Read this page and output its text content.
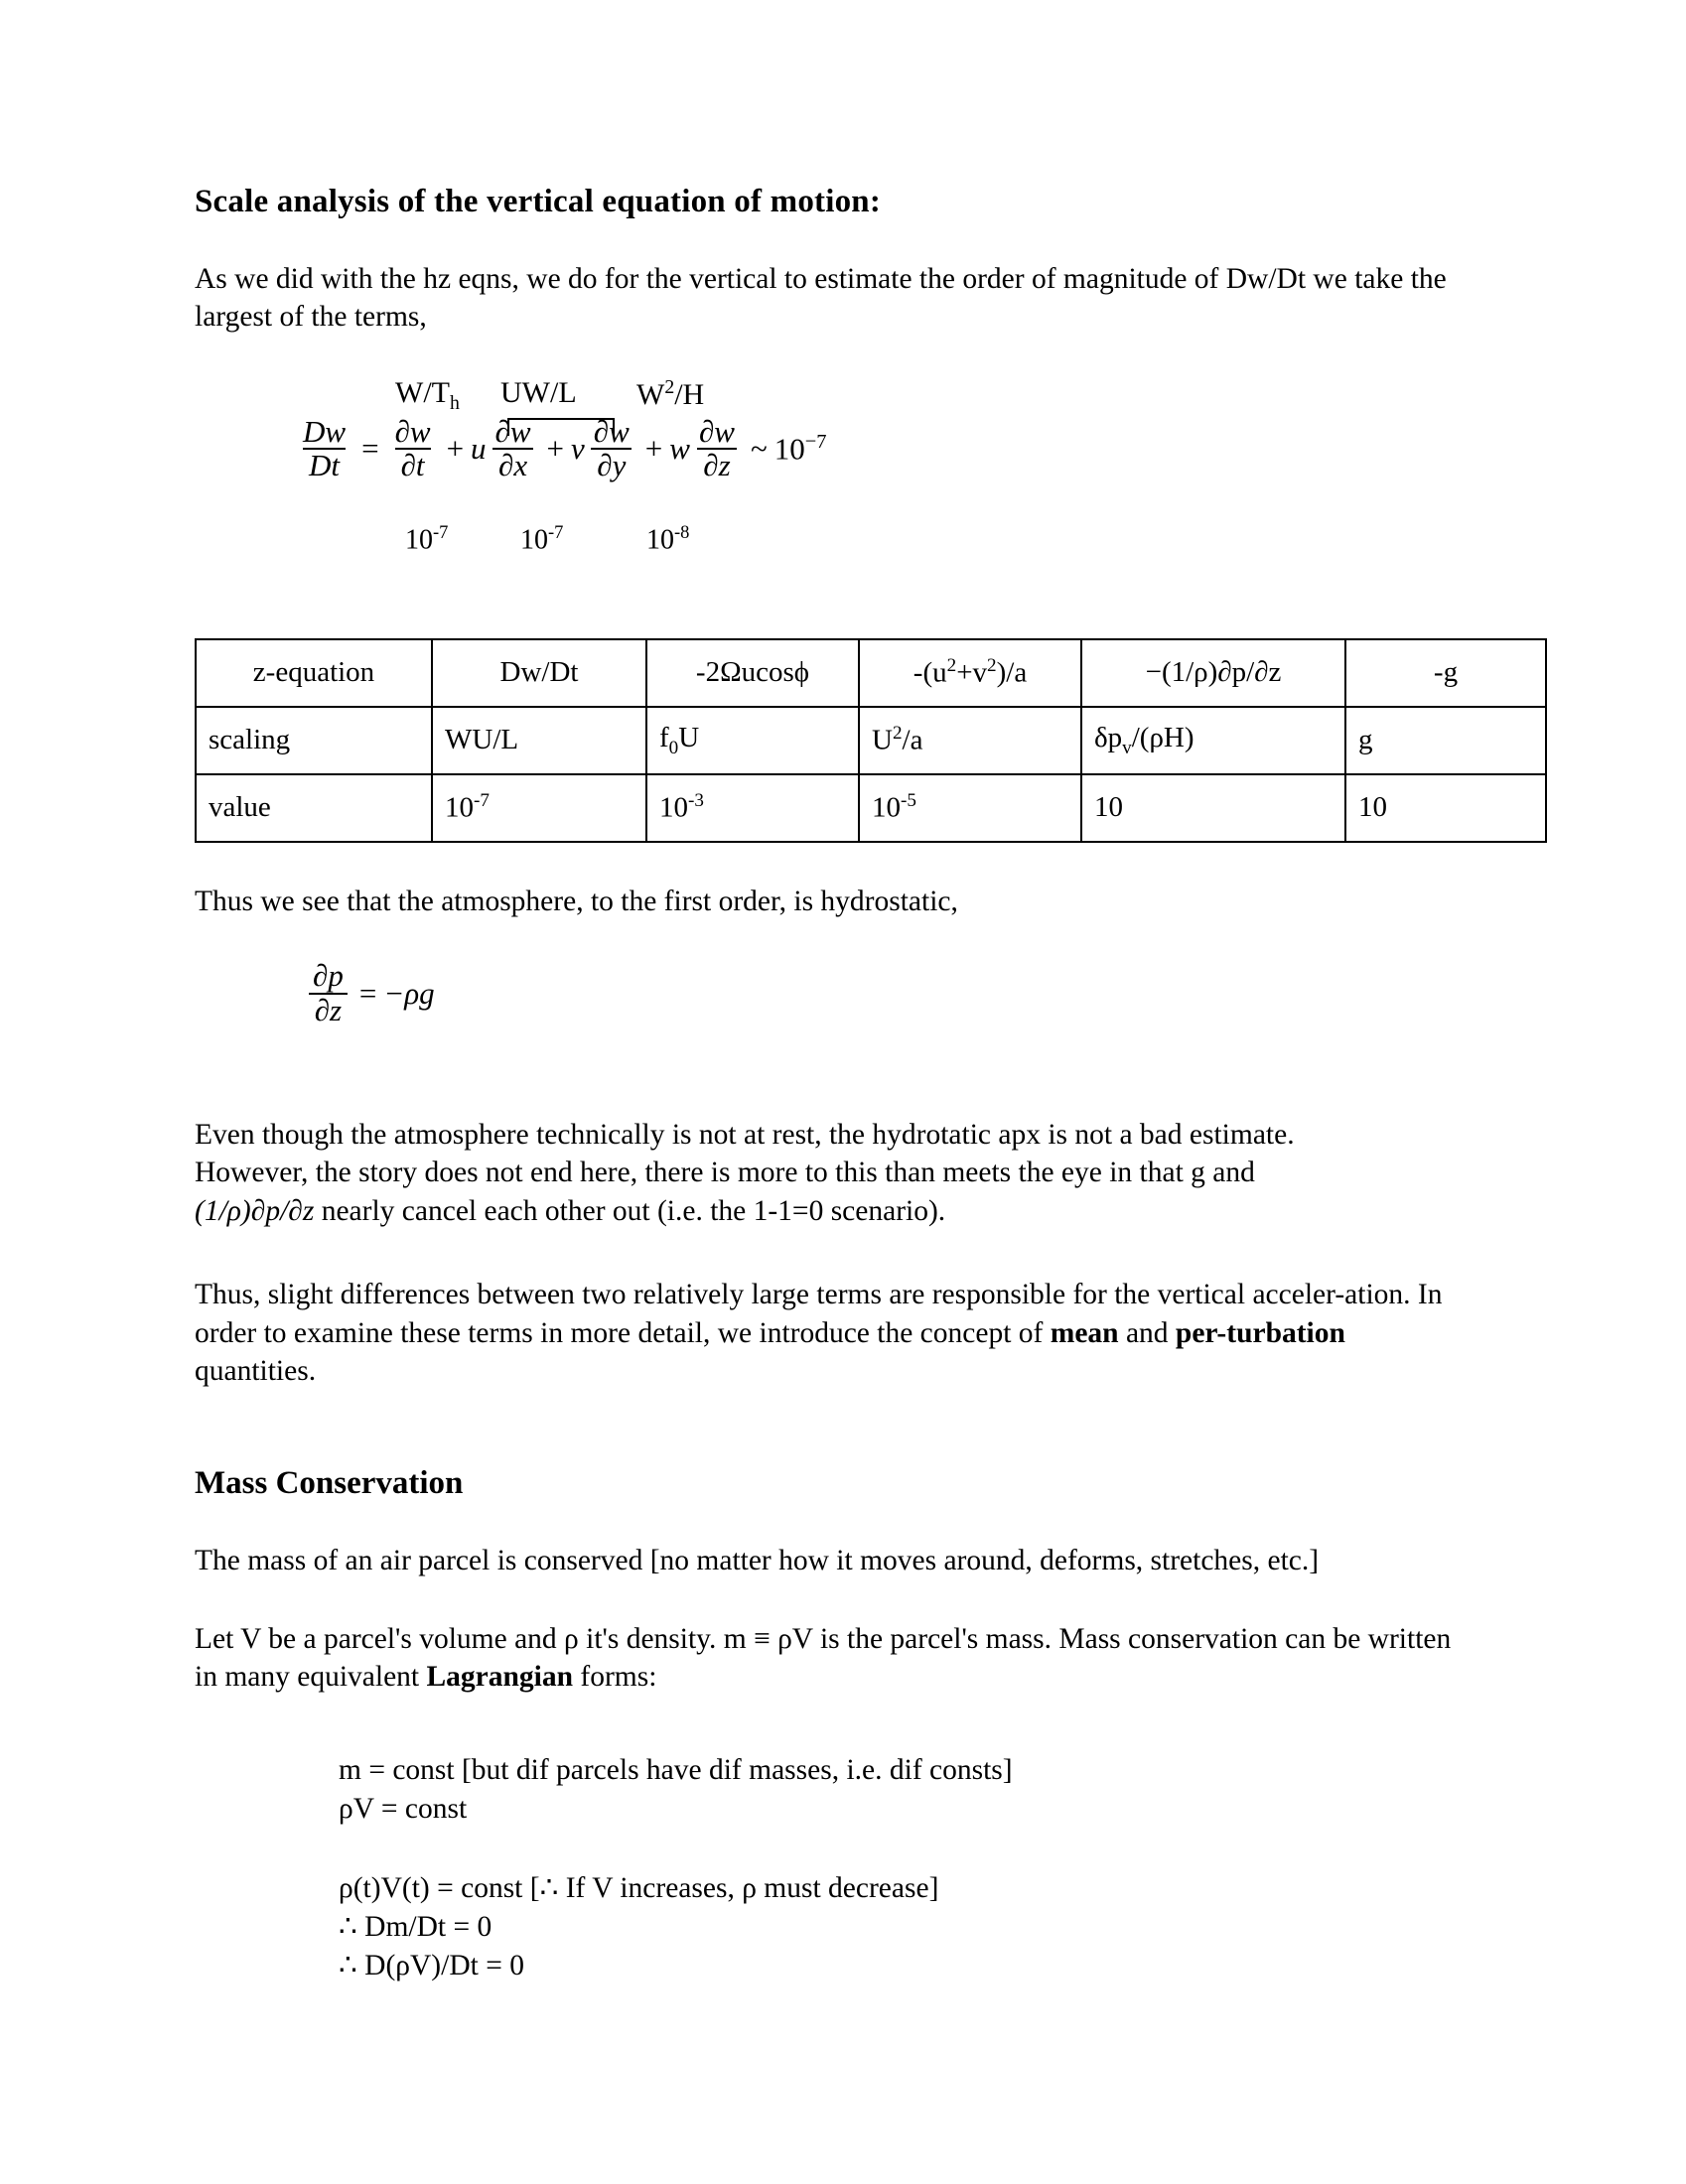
Scale analysis of the vertical equation of motion:

As we did with the hz eqns, we do for the vertical to estimate the order of magnitude of Dw/Dt we take the largest of the terms,

$W/T_h$ UW/L $W^2/H$
$\frac{Dw}{Dt} = \frac{\partial w}{\partial t} + u \frac{\partial w}{\partial x} + v \frac{\partial w}{\partial y} + w \frac{\partial w}{\partial z}$ ~ $10^{-7}$
$10^{-7}$	$10^{-7}$	$10^{-8}$
z-equation	Dw/Dt	-2Ωucosϕ	$-(u^2+v^2)/a$	−(1/ρ)∂p/∂z	-g
scaling	WU/L	$f_0U$	$U^2/a$	$\delta p_v/(\rho H)$	g
value	$10^{-7}$	$10^{-3}$	$10^{-5}$	10	10

Thus we see that the atmosphere, to the first order, is hydrostatic,

$\frac{\partial p}{\partial z} = -\rho g$

Even though the atmosphere technically is not at rest, the hydrotatic apx is not a bad estimate.
However, the story does not end here, there is more to this than meets the eye in that g and
(1/ρ)∂p/∂z nearly cancel each other out (i.e. the 1-1=0 scenario).

Thus, slight differences between two relatively large terms are responsible for the vertical acceler-ation. In order to examine these terms in more detail, we introduce the concept of mean and per-turbation quantities.

Mass Conservation

The mass of an air parcel is conserved [no matter how it moves around, deforms, stretches, etc.]

Let V be a parcel's volume and ρ it's density. m ≡ ρV is the parcel's mass. Mass conservation can be written in many equivalent Lagrangian forms:

m = const [but dif parcels have dif masses, i.e. dif consts]
ρV = const
ρ(t)V(t) = const [∴ If V increases, ρ must decrease]
∴ Dm/Dt = 0
∴ D(ρV)/Dt = 0
